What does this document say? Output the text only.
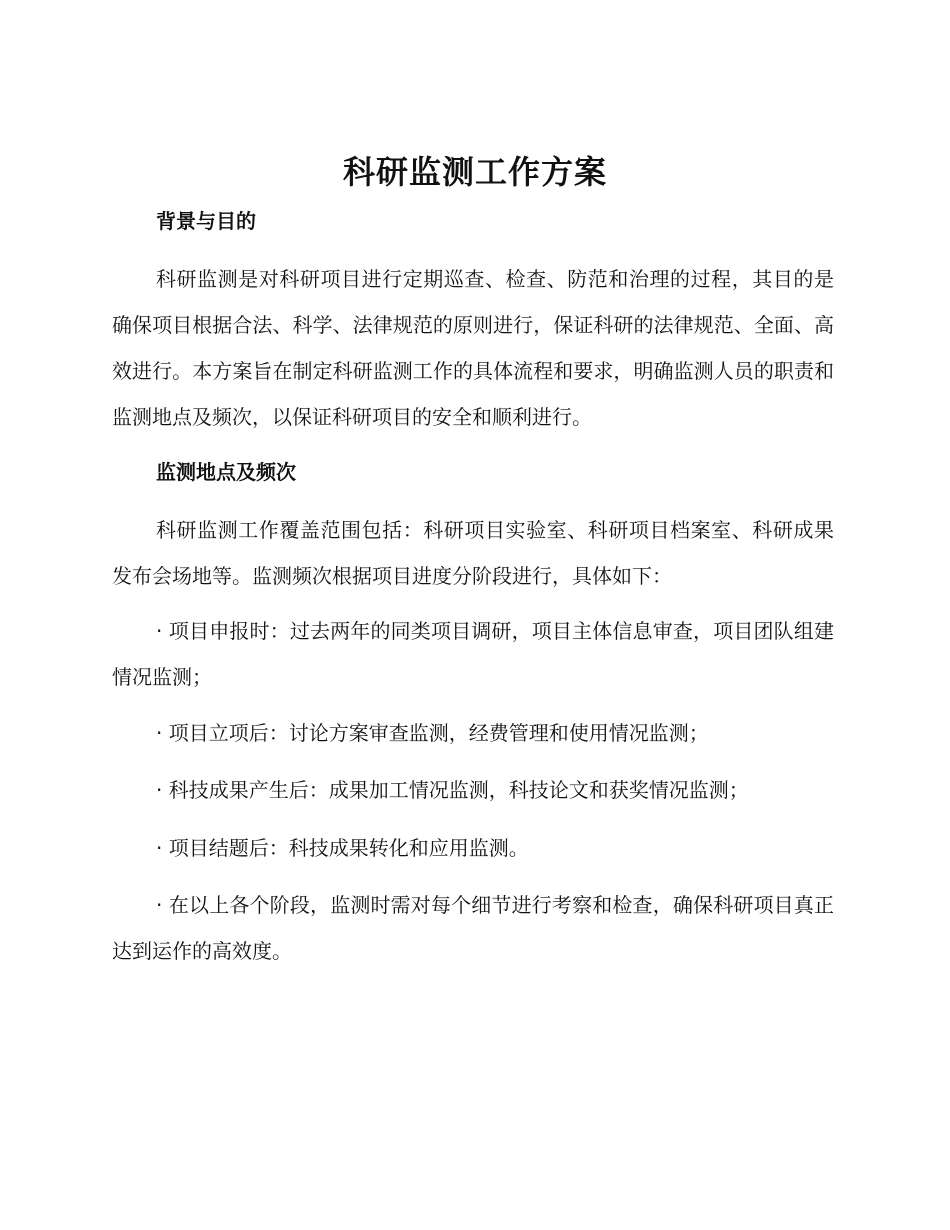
科研监测工作方案
背景与目的
科研监测是对科研项目进行定期巡查、检查、防范和治理的过程，其目的是确保项目根据合法、科学、法律规范的原则进行，保证科研的法律规范、全面、高效进行。本方案旨在制定科研监测工作的具体流程和要求，明确监测人员的职责和监测地点及频次，以保证科研项目的安全和顺利进行。
监测地点及频次
科研监测工作覆盖范围包括：科研项目实验室、科研项目档案室、科研成果发布会场地等。监测频次根据项目进度分阶段进行，具体如下：
· 项目申报时：过去两年的同类项目调研，项目主体信息审查，项目团队组建情况监测；
· 项目立项后：讨论方案审查监测，经费管理和使用情况监测；
· 科技成果产生后：成果加工情况监测，科技论文和获奖情况监测；
· 项目结题后：科技成果转化和应用监测。
· 在以上各个阶段，监测时需对每个细节进行考察和检查，确保科研项目真正达到运作的高效度。
